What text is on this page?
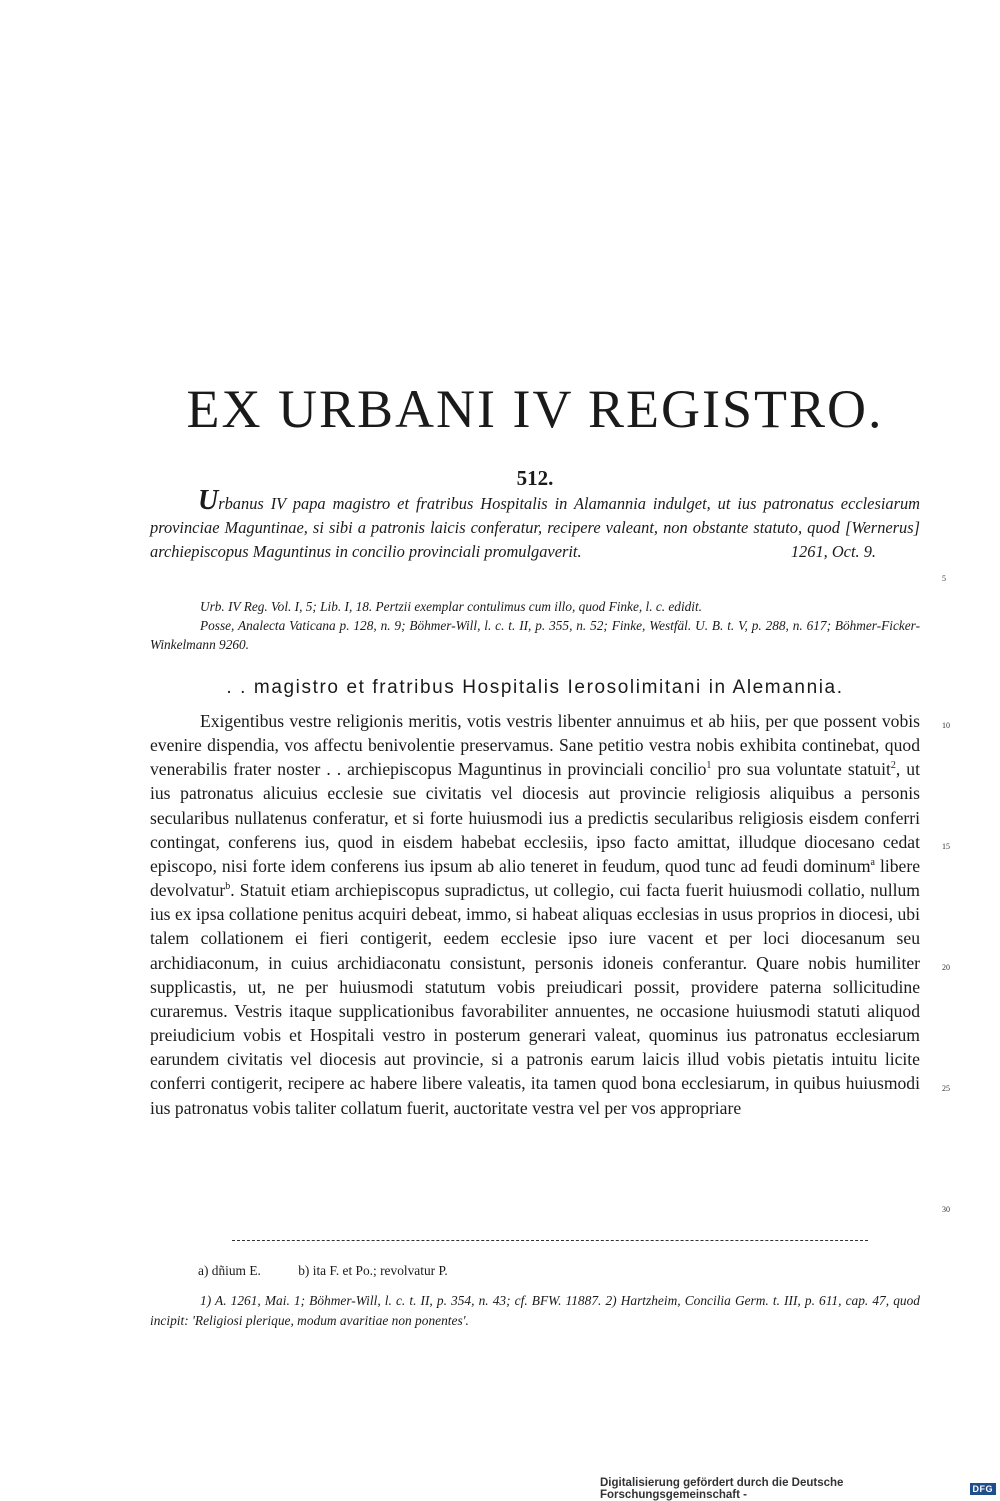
EX URBANI IV REGISTRO.
512.
Urbanus IV papa magistro et fratribus Hospitalis in Alamannia indulget, ut ius patronatus ecclesiarum provinciae Maguntinae, si sibi a patronis laicis conferatur, recipere valeant, non obstante statuto, quod [Wernerus] archiepiscopus Maguntinus in concilio provinciali promulgaverit.	1261, Oct. 9.

Urb. IV Reg. Vol. I, 5; Lib. I, 18. Pertzii exemplar contulimus cum illo, quod Finke, l. c. edidit.

Posse, Analecta Vaticana p. 128, n. 9; Böhmer-Will, l. c. t. II, p. 355, n. 52; Finke, Westfäl. U. B. t. V, p. 288, n. 617; Böhmer-Ficker-Winkelmann 9260.

. . magistro et fratribus Hospitalis Ierosolimitani in Alemannia.

Exigentibus vestre religionis meritis, votis vestris libenter annuimus et ab hiis, per que possent vobis evenire dispendia, vos affectu benivolentie preservamus. Sane petitio vestra nobis exhibita continebat, quod venerabilis frater noster . . archiepiscopus Maguntinus in provinciali concilio$^1$ pro sua voluntate statuit$^2$, ut ius patronatus alicuius ecclesie sue civitatis vel diocesis aut provincie religiosis aliquibus a personis secularibus nullatenus conferatur, et si forte huiusmodi ius a predictis secularibus religiosis eisdem conferri contingat, conferens ius, quod in eisdem habebat ecclesiis, ipso facto amittat, illudque diocesano cedat episcopo, nisi forte idem conferens ius ipsum ab alio teneret in feudum, quod tunc ad feudi dominum$^a$ libere devolvatur$^b$. Statuit etiam archiepiscopus supradictus, ut collegio, cui facta fuerit huiusmodi collatio, nullum ius ex ipsa collatione penitus acquiri debeat, immo, si habeat aliquas ecclesias in usus proprios in diocesi, ubi talem collationem ei fieri contigerit, eedem ecclesie ipso iure vacent et per loci diocesanum seu archidiaconum, in cuius archidiaconatu consistunt, personis idoneis conferantur. Quare nobis humiliter supplicastis, ut, ne per huiusmodi statutum vobis preiudicari possit, providere paterna sollicitudine curaremus. Vestris itaque supplicationibus favorabiliter annuentes, ne occasione huiusmodi statuti aliquod preiudicium vobis et Hospitali vestro in posterum generari valeat, quominus ius patronatus ecclesiarum earundem civitatis vel diocesis aut provincie, si a patronis earum laicis illud vobis pietatis intuitu licite conferri contigerit, recipere ac habere libere valeatis, ita tamen quod bona ecclesiarum, in quibus huiusmodi ius patronatus vobis taliter collatum fuerit, auctoritate vestra vel per vos appropriare

5
10
15
20
25
30
a) dñium E.	b) ita F. et Po.; revolvatur P.
1) A. 1261, Mai. 1; Böhmer-Will, l. c. t. II, p. 354, n. 43; cf. BFW. 11887. 2) Hartzheim, Concilia Germ. t. III, p. 611, cap. 47, quod incipit: 'Religiosi plerique, modum avaritiae non ponentes'.
Digitalisierung gefördert durch die Deutsche Forschungsgemeinschaft -	DFG
